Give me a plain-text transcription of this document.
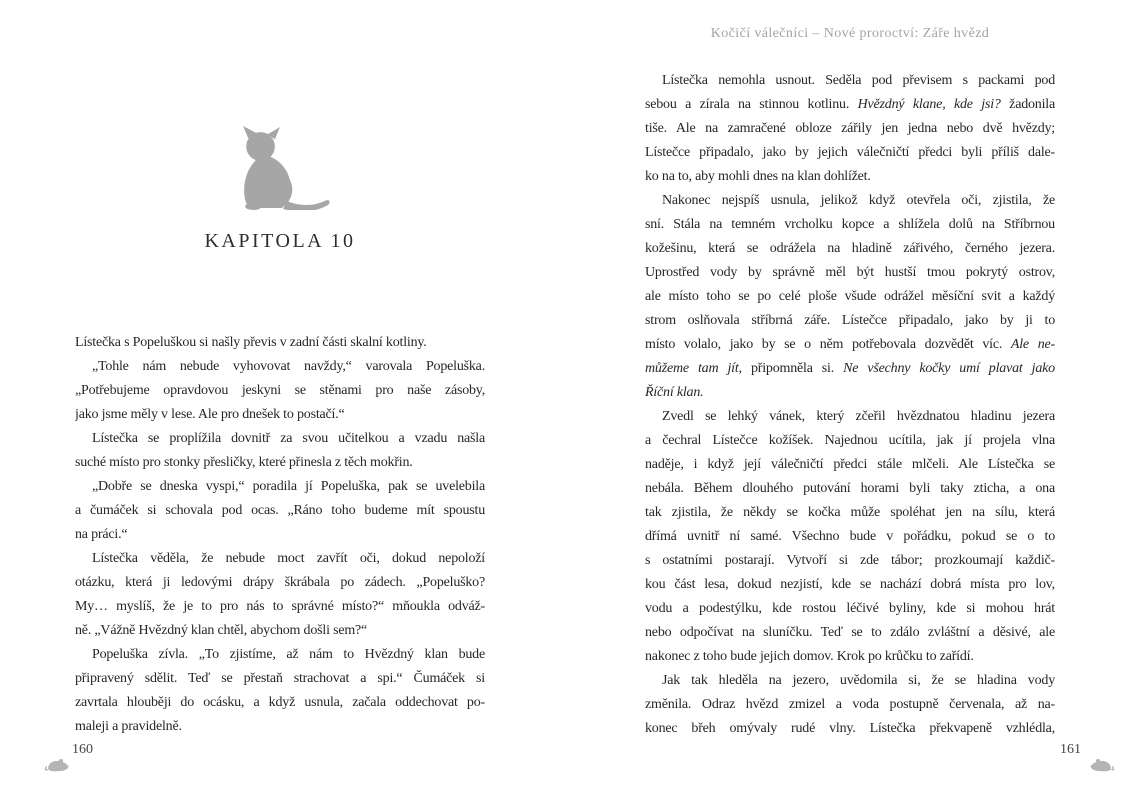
Kočičí válečníci – Nové proroctví: Záře hvězd
KAPITOLA 10
Lístečka s Popeluškou si našly převis v zadní části skalní kotliny.
„Tohle nám nebude vyhovovat navždy,“ varovala Popeluška.
„Potřebujeme opravdovou jeskyni se stěnami pro naše zásoby,
jako jsme měly v lese. Ale pro dnešek to postačí.“
Lístečka se proplížila dovnitř za svou učitelkou a vzadu našla
suché místo pro stonky přesličky, které přinesla z těch mokřin.
„Dobře se dneska vyspi,“ poradila jí Popeluška, pak se uvelebila
a čumáček si schovala pod ocas. „Ráno toho budeme mít spoustu
na práci.“
Lístečka věděla, že nebude moct zavřít oči, dokud nepoloží
otázku, která ji ledovými drápy škrábala po zádech. „Popeluško?
My… myslíš, že je to pro nás to správné místo?“ mňoukla odváž-
ně. „Vážně Hvězdný klan chtěl, abychom došli sem?“
Popeluška zívla. „To zjistíme, až nám to Hvězdný klan bude
připravený sdělit. Teď se přestaň strachovat a spi.“ Čumáček si
zavrtala hlouběji do ocásku, a když usnula, začala oddechovat po-
maleji a pravidelně.
Lístečka nemohla usnout. Seděla pod převisem s packami pod
sebou a zírala na stinnou kotlinu. Hvězdný klane, kde jsi? žadonila
tiše. Ale na zamračené obloze zářily jen jedna nebo dvě hvězdy;
Lístečce připadalo, jako by jejich válečničtí předci byli příliš dale-
ko na to, aby mohli dnes na klan dohlížet.
Nakonec nejspíš usnula, jelikož když otevřela oči, zjistila, že
sní. Stála na temném vrcholku kopce a shlížela dolů na Stříbrnou
kožešinu, která se odrážela na hladině zářivého, černého jezera.
Uprostřed vody by správně měl být hustší tmou pokrytý ostrov,
ale místo toho se po celé ploše všude odrážel měsíční svit a každý
strom oslňovala stříbrná záře. Lístečce připadalo, jako by ji to
místo volalo, jako by se o něm potřebovala dozvědět víc. Ale ne-
můžeme tam jít, připomněla si. Ne všechny kočky umí plavat jako
Říční klan.
Zvedl se lehký vánek, který zčeřil hvězdnatou hladinu jezera
a čechral Lístečce kožíšek. Najednou ucítila, jak jí projela vlna
naděje, i když její válečničtí předci stále mlčeli. Ale Lístečka se
nebála. Během dlouhého putování horami byli taky zticha, a ona
tak zjistila, že někdy se kočka může spoléhat jen na sílu, která
dřímá uvnitř ní samé. Všechno bude v pořádku, pokud se o to
s ostatními postarají. Vytvoří si zde tábor; prozkoumají každič-
kou část lesa, dokud nezjistí, kde se nachází dobrá místa pro lov,
vodu a podestýlku, kde rostou léčivé byliny, kde si mohou hrát
nebo odpočívat na sluníčku. Teď se to zdálo zvláštní a děsivé, ale
nakonec z toho bude jejich domov. Krok po krůčku to zařídí.
Jak tak hleděla na jezero, uvědomila si, že se hladina vody
změnila. Odraz hvězd zmizel a voda postupně červenala, až na-
konec břeh omývaly rudé vlny. Lístečka překvapeně vzhlédla,
160	161
